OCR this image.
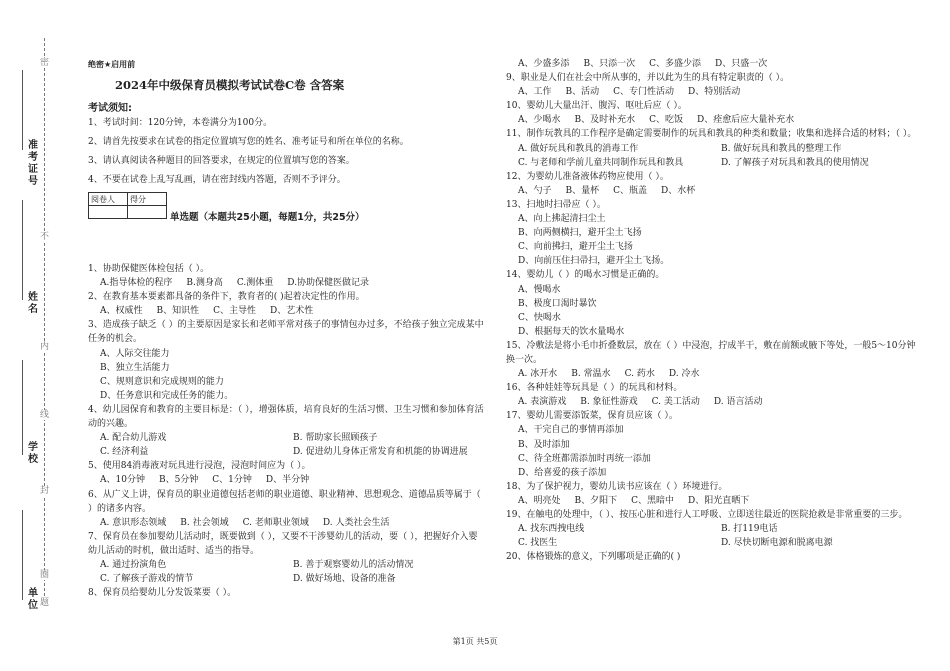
准考证号
姓名
学校
单位
密
不
内
线
封
圈
题
绝密★启用前
2024年中级保育员模拟考试试卷C卷 含答案
考试须知:
1、考试时间：120分钟，本卷满分为100分。
2、请首先按要求在试卷的指定位置填写您的姓名、准考证号和所在单位的名称。
3、请认真阅读各种题目的回答要求，在规定的位置填写您的答案。
4、不要在试卷上乱写乱画，请在密封线内答题，否则不予评分。
阅卷人	得分

单选题（本题共25小题，每题1分，共25分）
1、协助保健医体检包括（ ）。
A.指导体检的程序 B.测身高 C.测体重 D.协助保健医做记录
2、在教育基本要素都具备的条件下，教育者的( )起着决定性的作用。
A、权威性 B、知识性 C、主导性 D、艺术性
3、造成孩子缺乏（ ）的主要原因是家长和老师平常对孩子的事情包办过多，不给孩子独立完成某中任务的机会。
A、人际交往能力
B、独立生活能力
C、规则意识和完成规则的能力
D、任务意识和完成任务的能力。
4、幼儿园保育和教育的主要目标是：（ ），增强体质，培育良好的生活习惯、卫生习惯和参加体育活动的兴趣。
A. 配合幼儿游戏	B. 帮助家长照顾孩子
C. 经济利益	D. 促进幼儿身体正常发育和机能的协调进展
5、使用84消毒液对玩具进行浸泡，浸泡时间应为（ ）。
A、10分钟 B、5分钟 C、1分钟 D、半分钟
6、从广义上讲，保育员的职业道德包括老师的职业道德、职业精神、思想观念、道德品质等属于（ ）的诸多内容。
A. 意识形态领域 B. 社会领域 C. 老师职业领域 D. 人类社会生活
7、保育员在参加婴幼儿活动时，既要做到（ ），又要不干涉婴幼儿的活动，要（ ），把握好介入婴幼儿活动的时机，做出适时、适当的指导。
A. 通过扮演角色	B. 善于观察婴幼儿的活动情况
C. 了解孩子游戏的情节	D. 做好场地、设备的准备
8、保育员给婴幼儿分发饭菜要（ ）。
A、少盛多添 B、只添一次 C、多盛少添 D、只盛一次
9、职业是人们在社会中所从事的，并以此为生的具有特定职责的（ ）。
A、工作 B、活动 C、专门性活动 D、特别活动
10、婴幼儿大量出汗、腹泻、呕吐后应（ ）。
A、少喝水 B、及时补充水 C、吃饭 D、痊愈后应大量补充水
11、制作玩教具的工作程序是确定需要制作的玩具和教具的种类和数量；收集和选择合适的材料；（ ）。
A. 做好玩具和教具的消毒工作	B. 做好玩具和教具的整理工作
C. 与老师和学前儿童共同制作玩具和教具	D. 了解孩子对玩具和教具的使用情况
12、为婴幼儿准备液体药物应使用（ ）。
A、勺子 B、量杯 C、瓶盖 D、水杯
13、扫地时扫帚应（ ）。
A、向上拂起清扫尘土
B、向两侧横扫，避开尘土飞扬
C、向前拂扫，避开尘土飞扬
D、向前压住扫帚扫，避开尘土飞扬。
14、婴幼儿（ ）的喝水习惯是正确的。
A、慢喝水
B、极度口渴时暴饮
C、快喝水
D、根据每天的饮水量喝水
15、冷敷法是将小毛巾折叠数层，放在（ ）中浸泡，拧成半干，敷在前额或腋下等处，一般5～10分钟换一次。
A. 冰开水 B. 常温水 C. 药水 D. 冷水
16、各种娃娃等玩具是（ ）的玩具和材料。
A. 表演游戏 B. 象征性游戏 C. 美工活动 D. 语言活动
17、婴幼儿需要添饭菜，保育员应该（ ）。
A、干完自己的事情再添加
B、及时添加
C、待全班都需添加时再统一添加
D、给喜爱的孩子添加
18、为了保护视力，婴幼儿读书应该在（ ）环境进行。
A、明亮处 B、夕阳下 C、黑暗中 D、阳光直晒下
19、在触电的处理中，（ ）、按压心脏和进行人工呼吸、立即送往最近的医院抢救是非常重要的三步。
A. 找东西拽电线	B. 打119电话
C. 找医生	D. 尽快切断电源和脱离电源
20、体格锻炼的意义，下列哪项是正确的( )
第1页 共5页
